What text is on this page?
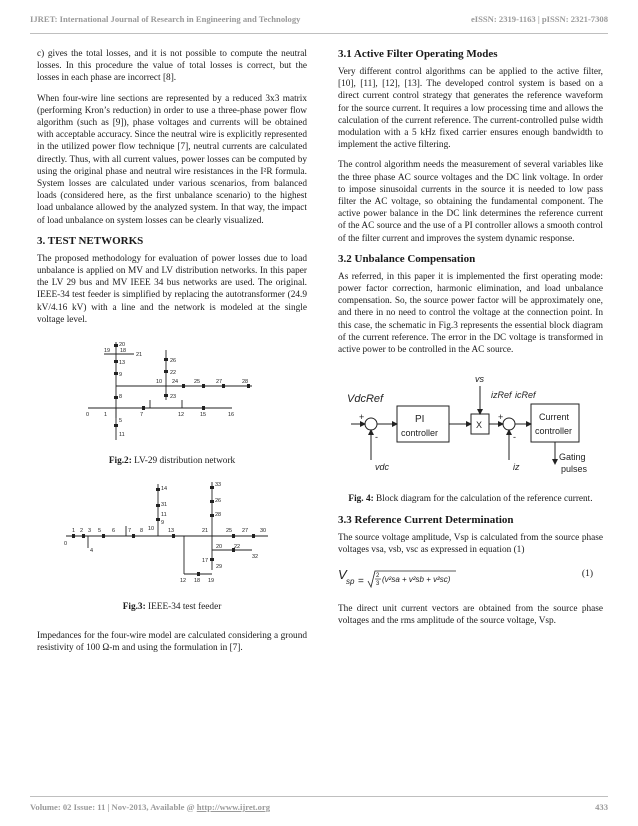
IJRET: International Journal of Research in Engineering and Technology	eISSN: 2319-1163 | pISSN: 2321-7308

c) gives the total losses, and it is not possible to compute the neutral losses. In this procedure the value of total losses is correct, but the losses in each phase are incorrect [8].

When four-wire line sections are represented by a reduced 3x3 matrix (performing Kron’s reduction) in order to use a three-phase power flow algorithm (such as [9]), phase voltages and currents will be obtained with acceptable accuracy. Since the neutral wire is explicitly represented in the utilized power flow technique [7], neutral currents are calculated directly. Thus, with all current values, power losses can be computed by using the original phase and neutral wire resistances in the I²R formula. System losses are calculated under various scenarios, from balanced loads (considered here, as the first unbalance scenario) to the highest load unbalance allowed by the analyzed system. In that way, the impact of load unbalance on system losses can be clearly visualized.

3. TEST NETWORKS

The proposed methodology for evaluation of power losses due to load unbalance is applied on MV and LV distribution networks. In this paper the LV 29 bus and MV IEEE 34 bus networks are used. The original. IEEE-34 test feeder is simplified by replacing the autotransformer (24.9 kV/4.16 kV) with a line and the network is modeled at the single voltage level.

20
19 18
21
13	26
22
9
10 24	25	27	28
8	23
0	1	7	12	15	16
5
11
Fig.2: LV-29 distribution network
33
14
31
26
11
9
28
10
0
1 2 3 5 6 7 8	13	21	25 27 30
4
20 22
32
17
29
12 18 19
Fig.3: IEEE-34 test feeder

Impedances for the four-wire model are calculated considering a ground resistivity of 100 Ω-m and using the formulation in [7].

3.1 Active Filter Operating Modes

Very different control algorithms can be applied to the active filter, [10], [11], [12], [13]. The developed control system is based on a direct current control strategy that generates the reference waveform for the source current. It requires a low processing time and allows the calculation of the current reference. The current-controlled pulse width modulation with a 5 kHz fixed carrier ensures enough bandwidth to implement the active filtering.

The control algorithm needs the measurement of several variables like the three phase AC source voltages and the DC link voltage. In order to impose sinusoidal currents in the source it is needed to low pass filter the AC voltage, so obtaining the fundamental component. The active power balance in the DC link determines the reference current of the AC source and the use of a PI controller allows a smooth control of the filter current and improves the system dynamic response.

3.2 Unbalance Compensation

As referred, in this paper it is implemented the first operating mode: power factor correction, harmonic elimination, and load unbalance compensation. So, the source power factor will be approximately one, and there in no need to control the voltage at the connection point. In this case, the schematic in Fig.3 represents the essential block diagram of the current reference. The error in the DC voltage is transformed in active power to be controlled in the AC source.

vs
VdcRef
PI
controller
X
izRef icRef
Current
controller
Gating
pulses
vdc	iz
+
-
+
-
Fig. 4: Block diagram for the calculation of the reference current.
3.3 Reference Current Determination

The source voltage amplitude, Vsp is calculated from the source phase voltages vsa, vsb, vsc as expressed in equation (1)

V sp = 2
3 (v²sa + v²sb + v²sc)
(1)

The direct unit current vectors are obtained from the source phase voltages and the rms amplitude of the source voltage, Vsp.

Volume: 02 Issue: 11 | Nov-2013, Available @ http://www.ijret.org	433
